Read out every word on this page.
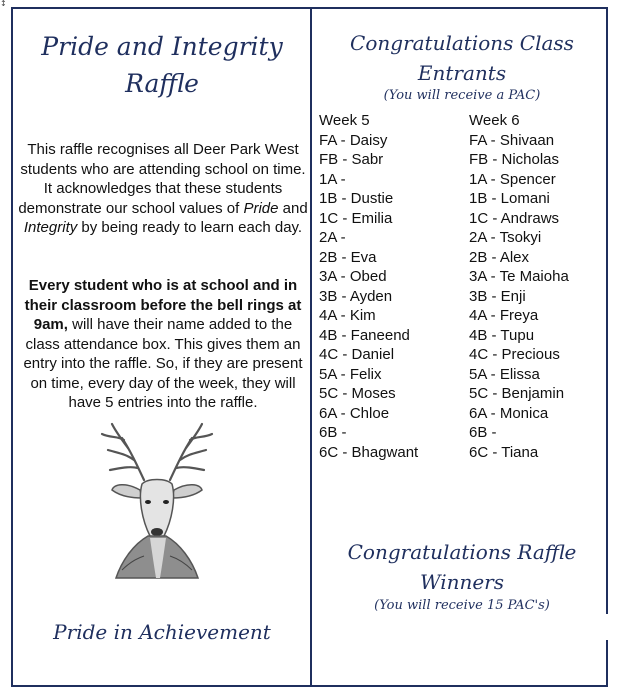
↕
Pride and Integrity
Raffle
This raffle recognises all Deer Park West students who are attending school on time. It acknowledges that these students demonstrate our school values of Pride and Integrity by being ready to learn each day.
Every student who is at school and in their classroom before the bell rings at 9am, will have their name added to the class attendance box. This gives them an entry into the raffle. So, if they are present on time, every day of the week, they will have 5 entries into the raffle.
Pride in Achievement
Congratulations Class
Entrants
(You will receive a PAC)
Week 5
FA - Daisy
FB - Sabr
1A -
1B - Dustie
1C - Emilia
2A -
2B - Eva
3A - Obed
3B - Ayden
4A - Kim
4B - Faneend
4C - Daniel
5A - Felix
5C - Moses
6A - Chloe
6B -
6C - Bhagwant
Week 6
FA - Shivaan
FB - Nicholas
1A - Spencer
1B - Lomani
1C - Andraws
2A - Tsokyi
2B - Alex
3A - Te Maioha
3B - Enji
4A - Freya
4B - Tupu
4C - Precious
5A - Elissa
5C - Benjamin
6A - Monica
6B -
6C - Tiana
Congratulations Raffle
Winners
(You will receive 15 PAC's)
